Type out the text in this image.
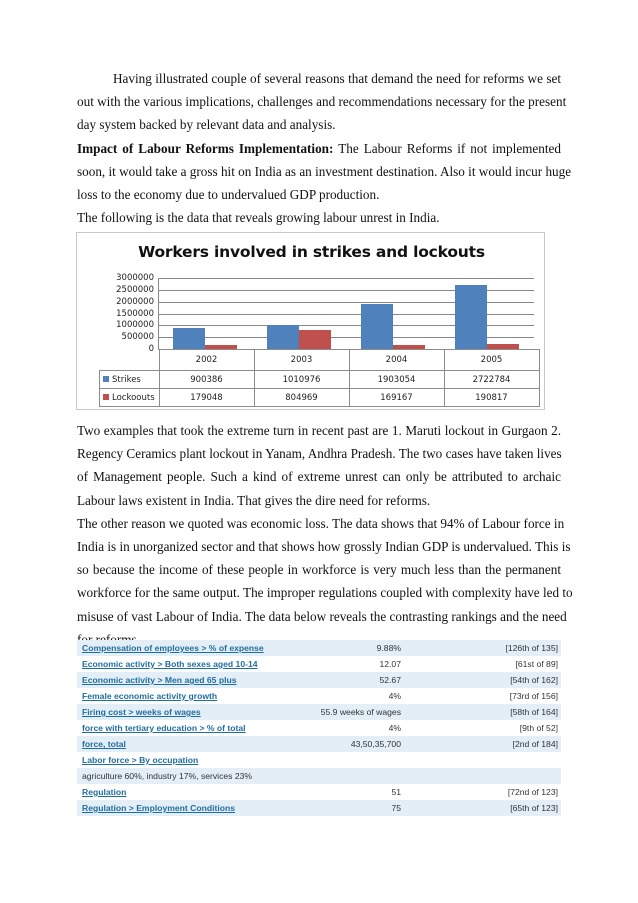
Having illustrated couple of several reasons that demand the need for reforms we set
out with the various implications, challenges and recommendations necessary for the present
day system backed by relevant data and analysis.
Impact of Labour Reforms Implementation: The Labour Reforms if not implemented
soon, it would take a gross hit on India as an investment destination. Also it would incur huge
loss to the economy due to undervalued GDP production.
The following is the data that reveals growing labour unrest in India.
Workers involved in strikes and lockouts
3000000
2500000
2000000
1500000
1000000
500000
0
	2002	2003	2004	2005
Strikes	900386	1010976	1903054	2722784
Lockoouts	179048	804969	169167	190817
Two examples that took the extreme turn in recent past are 1. Maruti lockout in Gurgaon 2.
Regency Ceramics plant lockout in Yanam, Andhra Pradesh. The two cases have taken lives
of Management people. Such a kind of extreme unrest can only be attributed to archaic
Labour laws existent in India. That gives the dire need for reforms.
The other reason we quoted was economic loss. The data shows that 94% of Labour force in
India is in unorganized sector and that shows how grossly Indian GDP is undervalued. This is
so because the income of these people in workforce is very much less than the permanent
workforce for the same output. The improper regulations coupled with complexity have led to
misuse of vast Labour of India. The data below reveals the contrasting rankings and the need
Compensation of employees > % of expense	9.88%	[126th of 135]
Economic activity > Both sexes aged 10-14	12.07	[61st of 89]
Economic activity > Men aged 65 plus	52.67	[54th of 162]
Female economic activity growth	4%	[73rd of 156]
Firing cost > weeks of wages	55.9 weeks of wages	[58th of 164]
force with tertiary education > % of total	4%	[9th of 52]
force, total	43,50,35,700	[2nd of 184]
Labor force > By occupation
agriculture 60%, industry 17%, services 23%
Regulation	51	[72nd of 123]
Regulation > Employment Conditions	75	[65th of 123]
